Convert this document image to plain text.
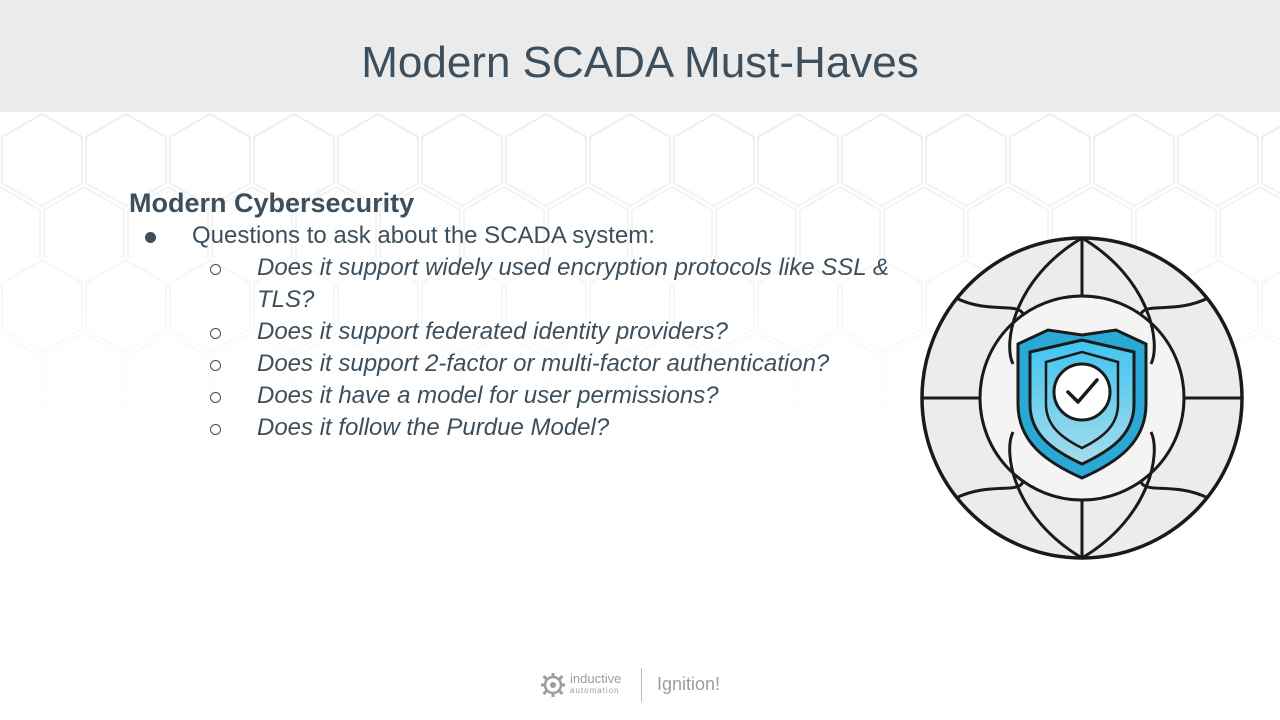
Modern SCADA Must-Haves
Modern Cybersecurity
Questions to ask about the SCADA system:
Does it support widely used encryption protocols like SSL & TLS?
Does it support federated identity providers?
Does it support 2-factor or multi-factor authentication?
Does it have a model for user permissions?
Does it follow the Purdue Model?
inductive
automation Ignition!
